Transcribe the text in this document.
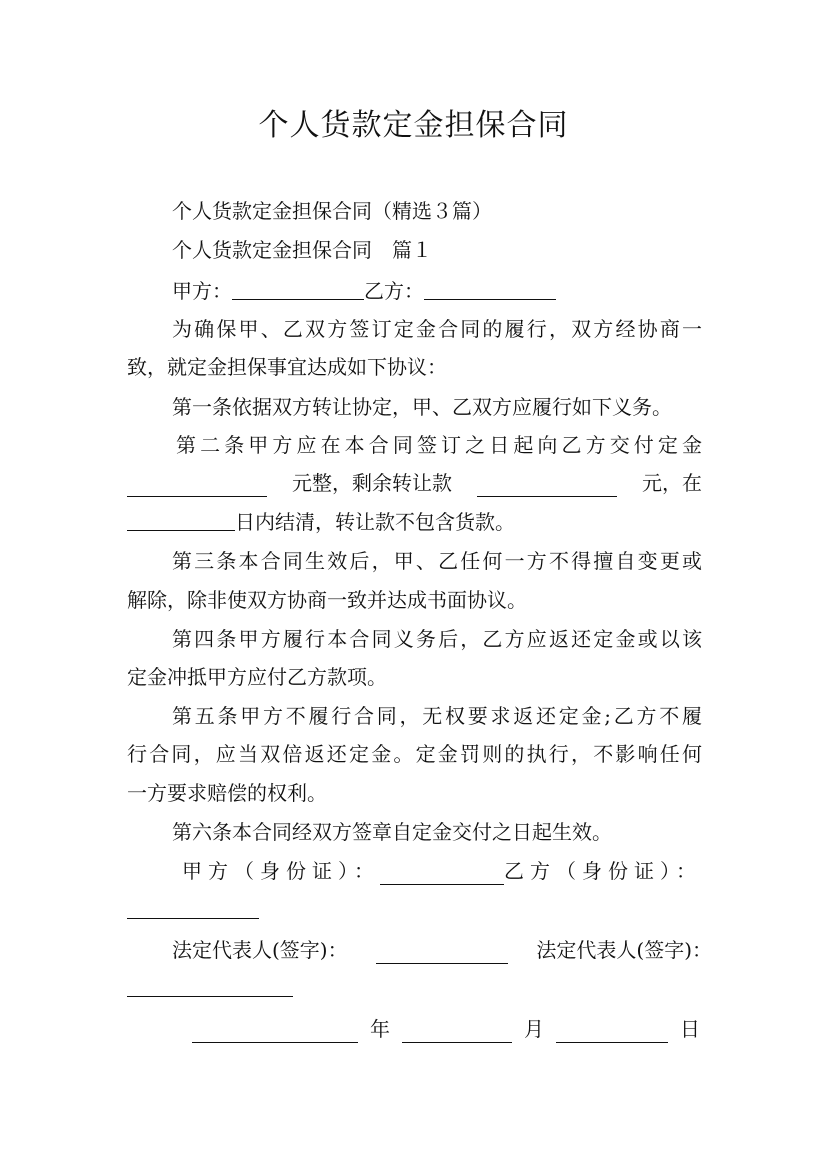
个人货款定金担保合同
个人货款定金担保合同（精选３篇）
个人货款定金担保合同　篇１
甲方：	乙方：
为确保甲、乙双方签订定金合同的履行，双方经协商一
致，就定金担保事宜达成如下协议：
第一条依据双方转让协定，甲、乙双方应履行如下义务。
第二条甲方应在本合同签订之日起向乙方交付定金
元整，剩余转让款	元，在
日内结清，转让款不包含货款。
第三条本合同生效后，甲、乙任何一方不得擅自变更或
解除，除非使双方协商一致并达成书面协议。
第四条甲方履行本合同义务后，乙方应返还定金或以该
定金冲抵甲方应付乙方款项。
第五条甲方不履行合同，无权要求返还定金;乙方不履
行合同，应当双倍返还定金。定金罚则的执行，不影响任何
一方要求赔偿的权利。
第六条本合同经双方签章自定金交付之日起生效。
甲方（身份证）：	乙方（身份证）：
法定代表人(签字)：	法定代表人(签字)：
年	月	日
